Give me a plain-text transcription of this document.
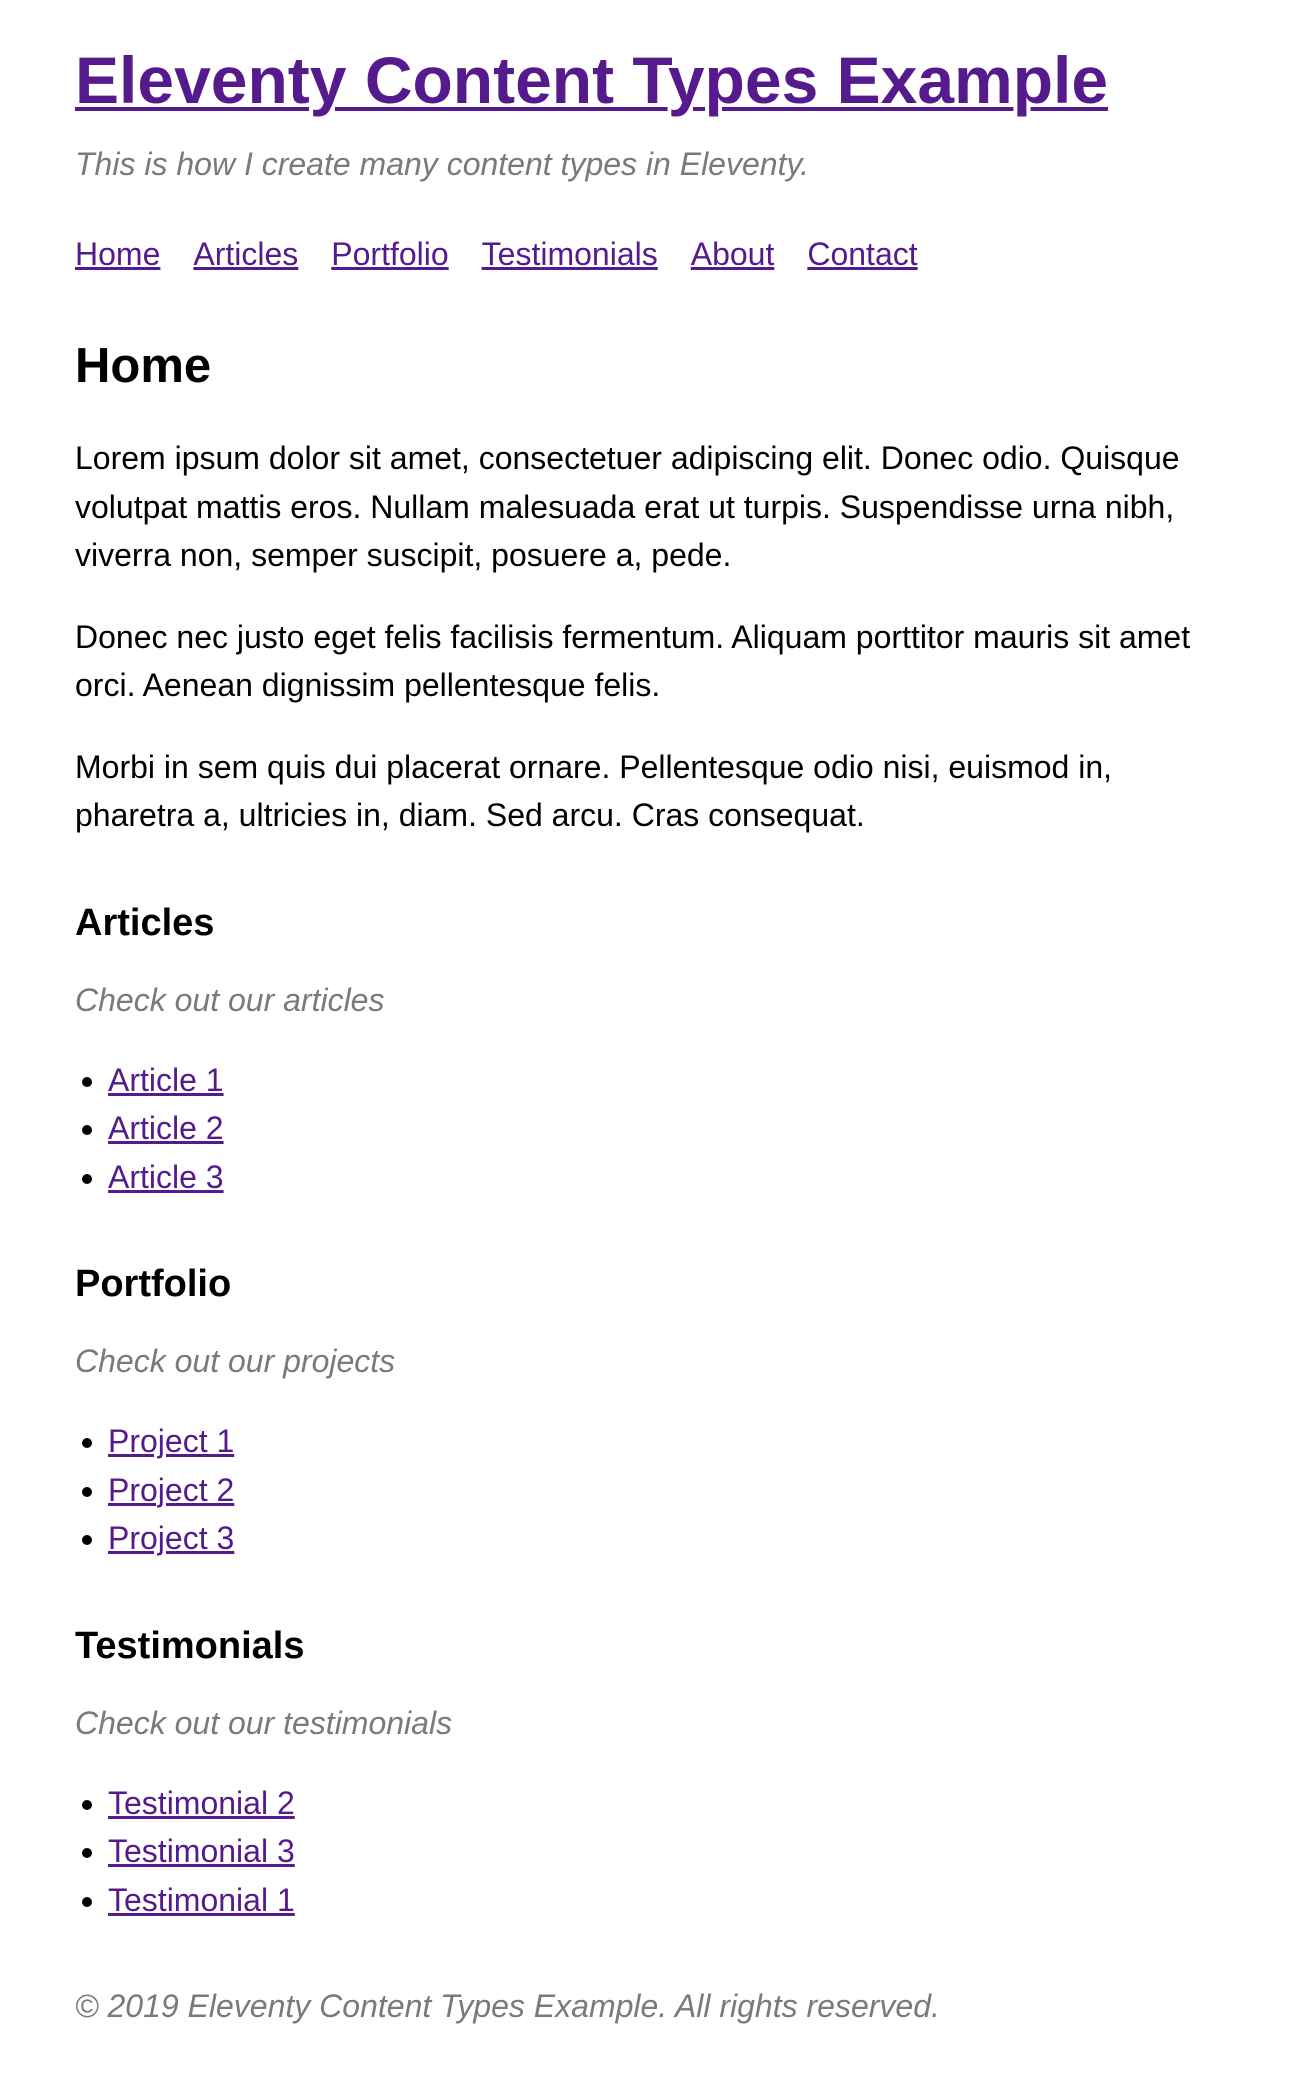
Eleventy Content Types Example

This is how I create many content types in Eleventy.

Home Articles Portfolio Testimonials About Contact
Home

Lorem ipsum dolor sit amet, consectetuer adipiscing elit. Donec odio. Quisque volutpat mattis eros. Nullam malesuada erat ut turpis. Suspendisse urna nibh, viverra non, semper suscipit, posuere a, pede.

Donec nec justo eget felis facilisis fermentum. Aliquam porttitor mauris sit amet orci. Aenean dignissim pellentesque felis.

Morbi in sem quis dui placerat ornare. Pellentesque odio nisi, euismod in, pharetra a, ultricies in, diam. Sed arcu. Cras consequat.

Articles

Check out our articles

• Article 1
• Article 2
• Article 3
Portfolio

Check out our projects

• Project 1
• Project 2
• Project 3
Testimonials

Check out our testimonials

• Testimonial 2
• Testimonial 3
• Testimonial 1
© 2019 Eleventy Content Types Example. All rights reserved.
